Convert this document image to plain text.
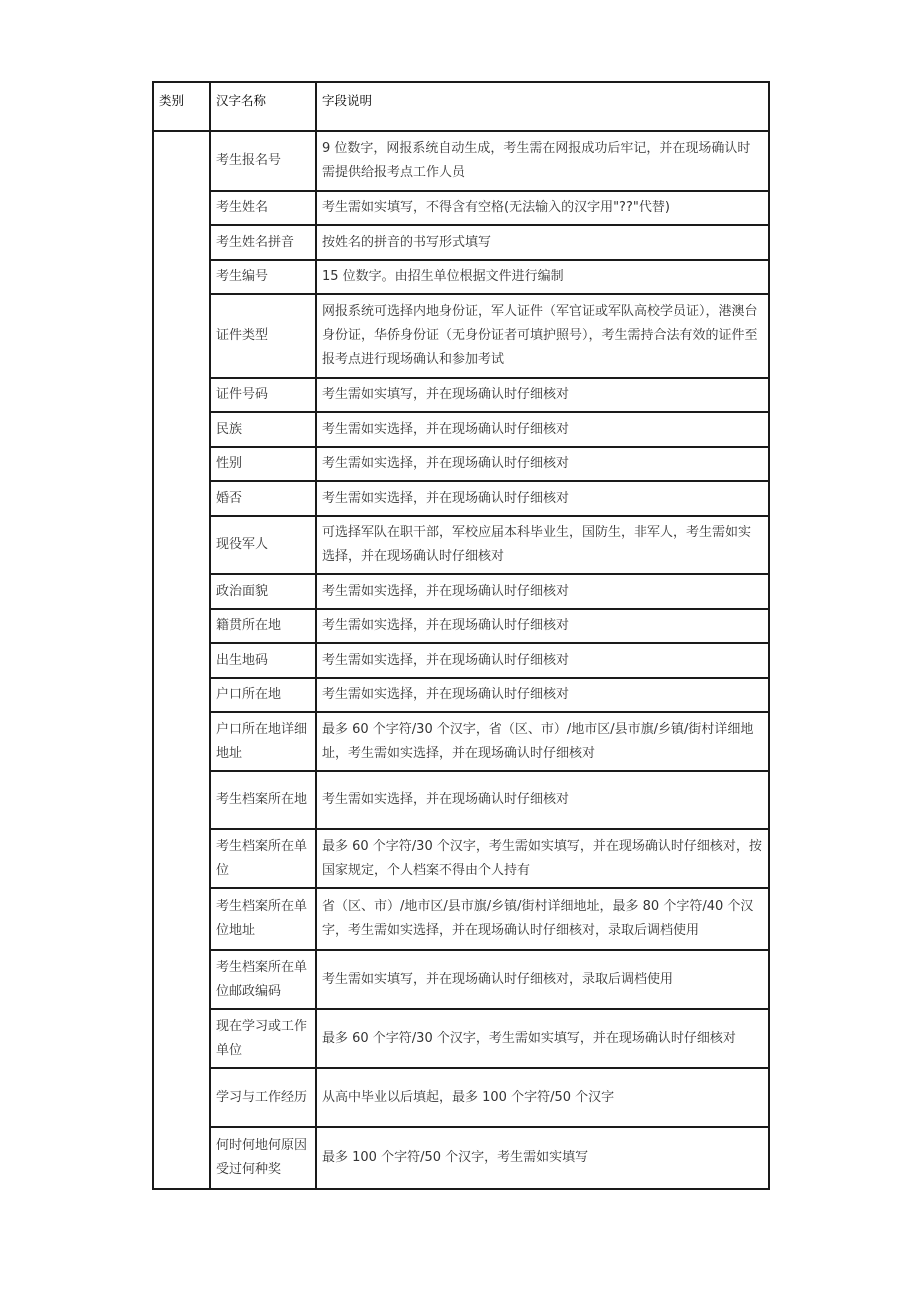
类别	汉字名称	字段说明
	考生报名号	9 位数字，网报系统自动生成，考生需在网报成功后牢记，并在现场确认时需提供给报考点工作人员
	考生姓名	考生需如实填写，不得含有空格(无法输入的汉字用"??"代替)
	考生姓名拼音	按姓名的拼音的书写形式填写
	考生编号	15 位数字。由招生单位根据文件进行编制
	证件类型	网报系统可选择内地身份证，军人证件（军官证或军队高校学员证），港澳台身份证，华侨身份证（无身份证者可填护照号），考生需持合法有效的证件至报考点进行现场确认和参加考试
	证件号码	考生需如实填写，并在现场确认时仔细核对
	民族	考生需如实选择，并在现场确认时仔细核对
	性别	考生需如实选择，并在现场确认时仔细核对
	婚否	考生需如实选择，并在现场确认时仔细核对
	现役军人	可选择军队在职干部，军校应届本科毕业生，国防生，非军人，考生需如实选择，并在现场确认时仔细核对
	政治面貌	考生需如实选择，并在现场确认时仔细核对
	籍贯所在地	考生需如实选择，并在现场确认时仔细核对
	出生地码	考生需如实选择，并在现场确认时仔细核对
	户口所在地	考生需如实选择，并在现场确认时仔细核对
	户口所在地详细地址	最多 60 个字符/30 个汉字，省（区、市）/地市区/县市旗/乡镇/街村详细地址，考生需如实选择，并在现场确认时仔细核对
	考生档案所在地	考生需如实选择，并在现场确认时仔细核对
	考生档案所在单位	最多 60 个字符/30 个汉字，考生需如实填写，并在现场确认时仔细核对，按国家规定，个人档案不得由个人持有
	考生档案所在单位地址	省（区、市）/地市区/县市旗/乡镇/街村详细地址，最多 80 个字符/40 个汉字，考生需如实选择，并在现场确认时仔细核对，录取后调档使用
	考生档案所在单位邮政编码	考生需如实填写，并在现场确认时仔细核对，录取后调档使用
	现在学习或工作单位	最多 60 个字符/30 个汉字，考生需如实填写，并在现场确认时仔细核对
	学习与工作经历	从高中毕业以后填起，最多 100 个字符/50 个汉字
	何时何地何原因受过何种奖	最多 100 个字符/50 个汉字，考生需如实填写
